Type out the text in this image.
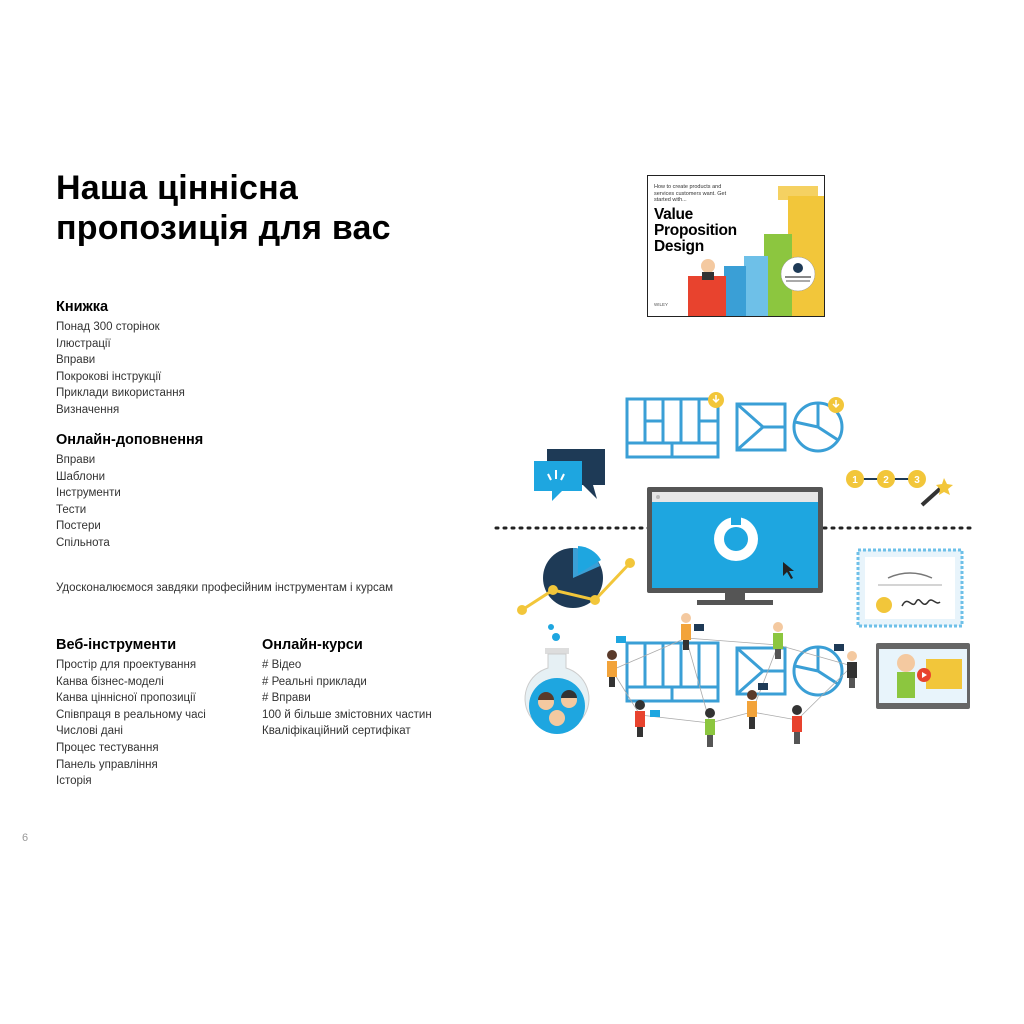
Наша ціннісна пропозиція для вас
Книжка
Понад 300 сторінок
Ілюстрації
Вправи
Покрокові інструкції
Приклади використання
Визначення
Онлайн-доповнення
Вправи
Шаблони
Інструменти
Тести
Постери
Спільнота

Удосконалюємося завдяки професійним інструментам і курсам

Веб-інструменти
Простір для проектування
Канва бізнес-моделі
Канва ціннісної пропозиції
Співпраця в реальному часі
Числові дані
Процес тестування
Панель управління
Історія
Онлайн-курси
# Відео
# Реальні приклади
# Вправи
100 й більше змістовних частин
Кваліфікаційний сертифікат
6
How to create products and services customers want. Get started with...
Value
Proposition
Design
WILEY
1	2	3
